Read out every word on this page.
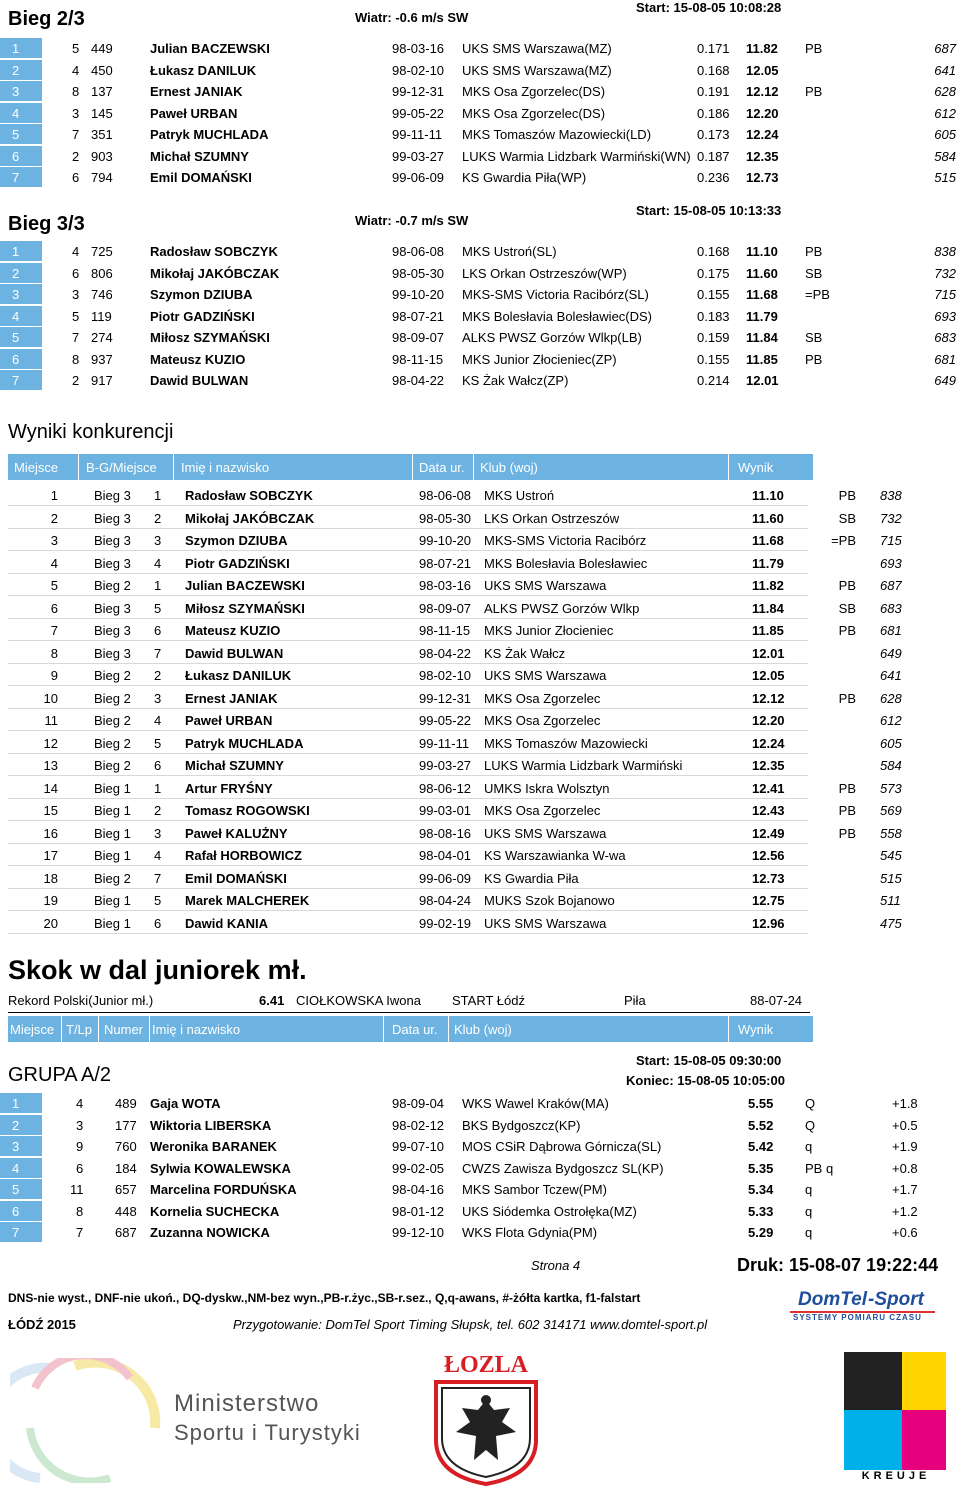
Bieg 2/3	Wiatr: -0.6 m/s SW
Start: 15-08-05 10:08:28
1	5 449	Julian BACZEWSKI	98-03-16 UKS SMS Warszawa(MZ)	0.171 11.82 PB	687
2	4 450	Łukasz DANILUK	98-02-10 UKS SMS Warszawa(MZ)	0.168 12.05	641
3	8 137	Ernest JANIAK	99-12-31 MKS Osa Zgorzelec(DS)	0.191 12.12 PB	628
4	3 145	Paweł URBAN	99-05-22 MKS Osa Zgorzelec(DS)	0.186 12.20	612
5	7 351	Patryk MUCHLADA	99-11-11 MKS Tomaszów Mazowiecki(LD)	0.173 12.24	605
6	2 903	Michał SZUMNY	99-03-27 LUKS Warmia Lidzbark Warmiński(WN) 0.187 12.35	584
7	6 794	Emil DOMAŃSKI	99-06-09 KS Gwardia Piła(WP)	0.236 12.73	515
Bieg 3/3	Wiatr: -0.7 m/s SW
Start: 15-08-05 10:13:33
1	4 725	Radosław SOBCZYK	98-06-08 MKS Ustroń(SL)	0.168 11.10 PB	838
2	6 806	Mikołaj JAKÓBCZAK	98-05-30 LKS Orkan Ostrzeszów(WP)	0.175 11.60 SB	732
3	3 746	Szymon DZIUBA	99-10-20 MKS-SMS Victoria Racibórz(SL)	0.155 11.68 =PB	715
4	5 119	Piotr GADZIŃSKI	98-07-21 MKS Bolesłavia Bolesławiec(DS)	0.183 11.79	693
5	7 274	Miłosz SZYMAŃSKI	98-09-07 ALKS PWSZ Gorzów Wlkp(LB)	0.159 11.84 SB	683
6	8 937	Mateusz KUZIO	98-11-15 MKS Junior Złocieniec(ZP)	0.155 11.85 PB	681
7	2 917	Dawid BULWAN	98-04-22 KS Żak Wałcz(ZP)	0.214 12.01	649
Wyniki konkurencji
Miejsce B-G/Miejsce Imię i nazwisko	Data ur. Klub (woj)	Wynik
1	Bieg 3 1 Radosław SOBCZYK	98-06-08 MKS Ustroń	11.10	PB 838
2	Bieg 3 2 Mikołaj JAKÓBCZAK	98-05-30 LKS Orkan Ostrzeszów	11.60	SB 732
3	Bieg 3 3 Szymon DZIUBA	99-10-20 MKS-SMS Victoria Racibórz	11.68	=PB 715
4	Bieg 3 4 Piotr GADZIŃSKI	98-07-21 MKS Bolesłavia Bolesławiec	11.79	693
5	Bieg 2 1 Julian BACZEWSKI	98-03-16 UKS SMS Warszawa	11.82	PB 687
6	Bieg 3 5 Miłosz SZYMAŃSKI	98-09-07 ALKS PWSZ Gorzów Wlkp	11.84	SB 683
7	Bieg 3 6 Mateusz KUZIO	98-11-15 MKS Junior Złocieniec	11.85	PB 681
8	Bieg 3 7 Dawid BULWAN	98-04-22 KS Żak Wałcz	12.01	649
9	Bieg 2 2 Łukasz DANILUK	98-02-10 UKS SMS Warszawa	12.05	641
10	Bieg 2 3 Ernest JANIAK	99-12-31 MKS Osa Zgorzelec	12.12	PB 628
11	Bieg 2 4 Paweł URBAN	99-05-22 MKS Osa Zgorzelec	12.20	612
12	Bieg 2 5 Patryk MUCHLADA	99-11-11 MKS Tomaszów Mazowiecki	12.24	605
13	Bieg 2 6 Michał SZUMNY	99-03-27 LUKS Warmia Lidzbark Warmiński	12.35	584
14	Bieg 1 1 Artur FRYŚNY	98-06-12 UMKS Iskra Wolsztyn	12.41	PB 573
15	Bieg 1 2 Tomasz ROGOWSKI	99-03-01 MKS Osa Zgorzelec	12.43	PB 569
16	Bieg 1 3 Paweł KALUŻNY	98-08-16 UKS SMS Warszawa	12.49	PB 558
17	Bieg 1 4 Rafał HORBOWICZ	98-04-01 KS Warszawianka W-wa	12.56	545
18	Bieg 2 7 Emil DOMAŃSKI	99-06-09 KS Gwardia Piła	12.73	515
19	Bieg 1 5 Marek MALCHEREK	98-04-24 MUKS Szok Bojanowo	12.75	511
20	Bieg 1 6 Dawid KANIA	99-02-19 UKS SMS Warszawa	12.96	475
Skok w dal juniorek mł.
Rekord Polski(Junior mł.)	6.41 CIOŁKOWSKA Iwona START Łódź	Piła	88-07-24
Miejsce T/Lp Numer Imię i nazwisko	Data ur. Klub (woj)	Wynik
GRUPA A/2
Start: 15-08-05 09:30:00
Koniec: 15-08-05 10:05:00
1	4 489 Gaja WOTA	98-09-04 WKS Wawel Kraków(MA)	5.55 Q	+1.8
2	3 177 Wiktoria LIBERSKA	98-02-12 BKS Bydgoszcz(KP)	5.52 Q	+0.5
3	9 760 Weronika BARANEK	99-07-10 MOS CSiR Dąbrowa Górnicza(SL)	5.42 q	+1.9
4	6 184 Sylwia KOWALEWSKA	99-02-05 CWZS Zawisza Bydgoszcz SL(KP)	5.35 PB q	+0.8
5	11 657 Marcelina FORDUŃSKA	98-04-16 MKS Sambor Tczew(PM)	5.34 q	+1.7
6	8 448 Kornelia SUCHECKA	98-01-12 UKS Siódemka Ostrołęka(MZ)	5.33 q	+1.2
7	7 687 Zuzanna NOWICKA	99-12-10 WKS Flota Gdynia(PM)	5.29 q	+0.6
Strona 4	Druk: 15-08-07 19:22:44
DNS-nie wyst., DNF-nie ukoń., DQ-dyskw.,NM-bez wyn.,PB-r.życ.,SB-r.sez., Q,q-awans, #-żółta kartka, f1-falstart
ŁÓDŹ 2015	Przygotowanie: DomTel Sport Timing Słupsk, tel. 602 314171 www.domtel-sport.pl
DomTel -Sport
SYSTEMY POMIARU CZASU
Ministerstwo
Sportu i Turystyki
ŁOZLA
KREUJE
